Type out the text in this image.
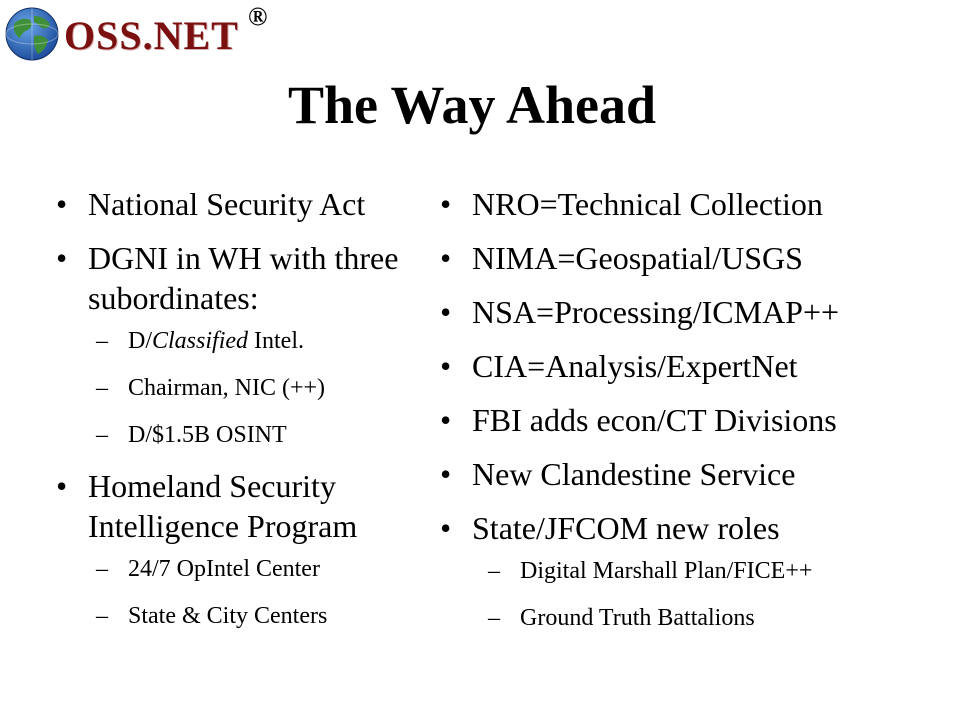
OSS.NET ®
The Way Ahead
• National Security Act
• DGNI in WH with three subordinates:
– D/Classified Intel.
– Chairman, NIC (++)
– D/$1.5B OSINT
• Homeland Security Intelligence Program
– 24/7 OpIntel Center
– State & City Centers
• NRO=Technical Collection
• NIMA=Geospatial/USGS
• NSA=Processing/ICMAP++
• CIA=Analysis/ExpertNet
• FBI adds econ/CT Divisions
• New Clandestine Service
• State/JFCOM new roles
– Digital Marshall Plan/FICE++
– Ground Truth Battalions
